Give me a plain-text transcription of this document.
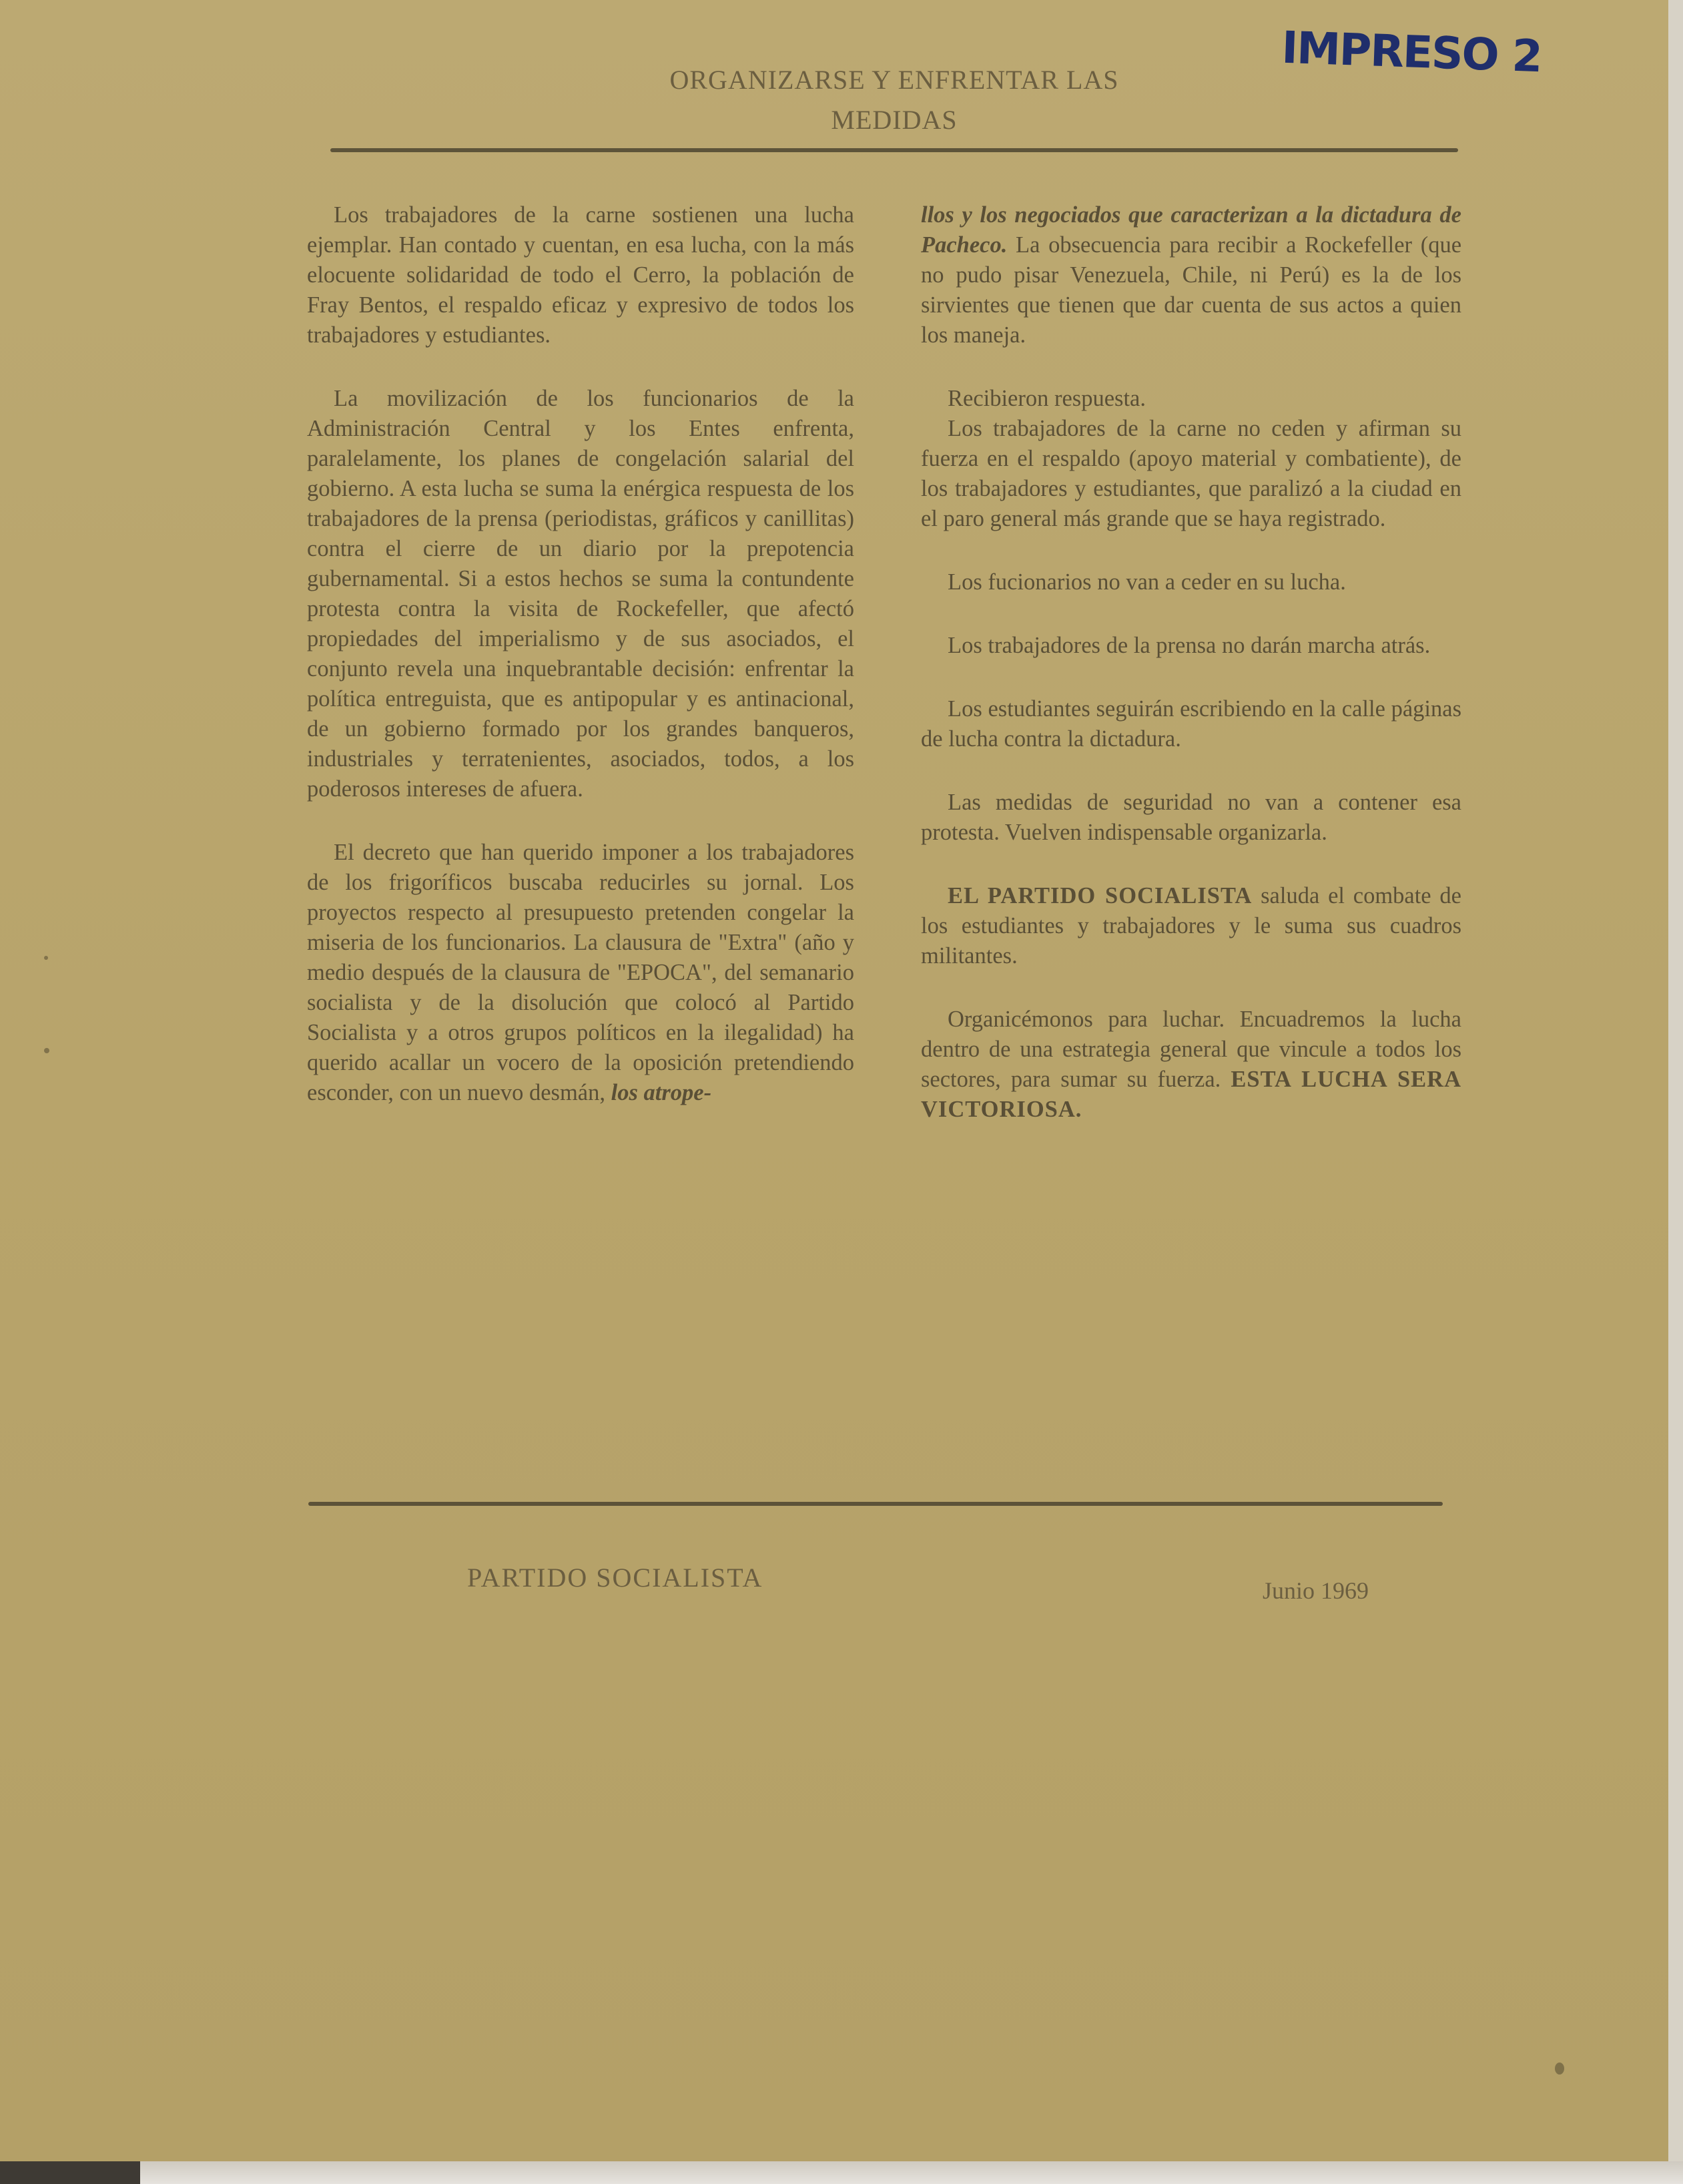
ORGANIZARSE Y ENFRENTAR LAS
MEDIDAS
IMPRESO 2

Los trabajadores de la carne sostienen una lucha ejemplar. Han contado y cuentan, en esa lucha, con la más elocuente solidaridad de todo el Cerro, la población de Fray Bentos, el respaldo eficaz y expresivo de todos los trabajadores y estudiantes.

La movilización de los funcionarios de la Administración Central y los Entes enfrenta, paralelamente, los planes de congelación salarial del gobierno. A esta lucha se suma la enérgica respuesta de los trabajadores de la prensa (periodistas, gráficos y canillitas) contra el cierre de un diario por la prepotencia gubernamental. Si a estos hechos se suma la contundente protesta contra la visita de Rockefeller, que afectó propiedades del imperialismo y de sus asociados, el conjunto revela una inquebrantable decisión: enfrentar la política entreguista, que es antipopular y es antinacional, de un gobierno formado por los grandes banqueros, industriales y terratenientes, asociados, todos, a los poderosos intereses de afuera.

El decreto que han querido imponer a los trabajadores de los frigoríficos buscaba reducirles su jornal. Los proyectos respecto al presupuesto pretenden congelar la miseria de los funcionarios. La clausura de "Extra" (año y medio después de la clausura de "EPOCA", del semanario socialista y de la disolución que colocó al Partido Socialista y a otros grupos políticos en la ilegalidad) ha querido acallar un vocero de la oposición pretendiendo esconder, con un nuevo desmán, los atrope-

llos y los negociados que caracterizan a la dictadura de Pacheco. La obsecuencia para recibir a Rockefeller (que no pudo pisar Venezuela, Chile, ni Perú) es la de los sirvientes que tienen que dar cuenta de sus actos a quien los maneja.

Recibieron respuesta.

Los trabajadores de la carne no ceden y afirman su fuerza en el respaldo (apoyo material y combatiente), de los trabajadores y estudiantes, que paralizó a la ciudad en el paro general más grande que se haya registrado.

Los fucionarios no van a ceder en su lucha.

Los trabajadores de la prensa no darán marcha atrás.

Los estudiantes seguirán escribiendo en la calle páginas de lucha contra la dictadura.

Las medidas de seguridad no van a contener esa protesta. Vuelven indispensable organizarla.

EL PARTIDO SOCIALISTA saluda el combate de los estudiantes y trabajadores y le suma sus cuadros militantes.

Organicémonos para luchar. Encuadremos la lucha dentro de una estrategia general que vincule a todos los sectores, para sumar su fuerza. ESTA LUCHA SERA VICTORIOSA.

PARTIDO SOCIALISTA	Junio 1969
